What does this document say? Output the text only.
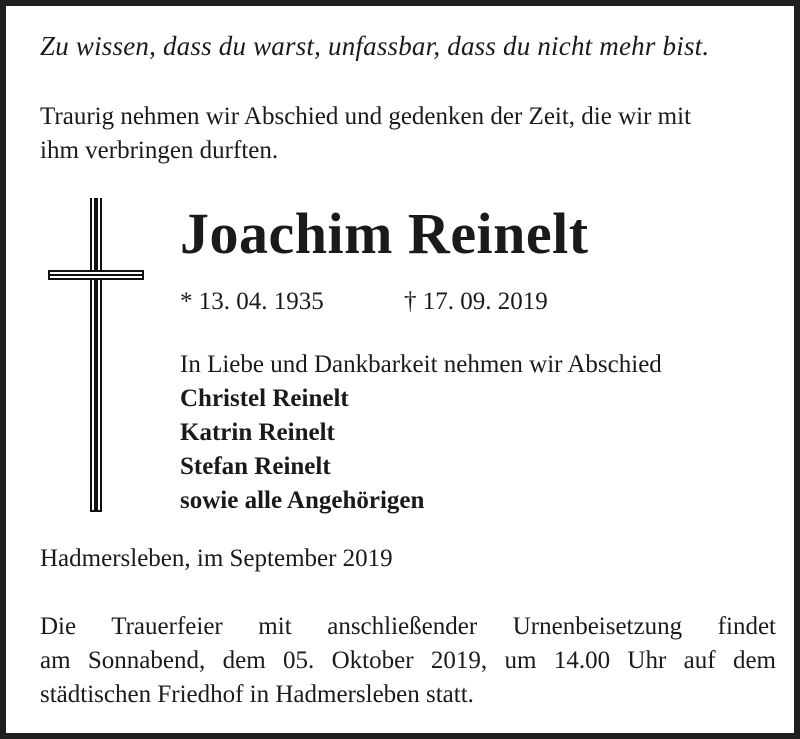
Zu wissen, dass du warst, unfassbar, dass du nicht mehr bist.
Traurig nehmen wir Abschied und gedenken der Zeit, die wir mit
ihm verbringen durften.
Joachim Reinelt
* 13. 04. 1935	† 17. 09. 2019
In Liebe und Dankbarkeit nehmen wir Abschied
Christel Reinelt
Katrin Reinelt
Stefan Reinelt
sowie alle Angehörigen
Hadmersleben, im September 2019
Die Trauerfeier mit anschließender Urnenbeisetzung findet
am Sonnabend, dem 05. Oktober 2019, um 14.00 Uhr auf dem
städtischen Friedhof in Hadmersleben statt.
